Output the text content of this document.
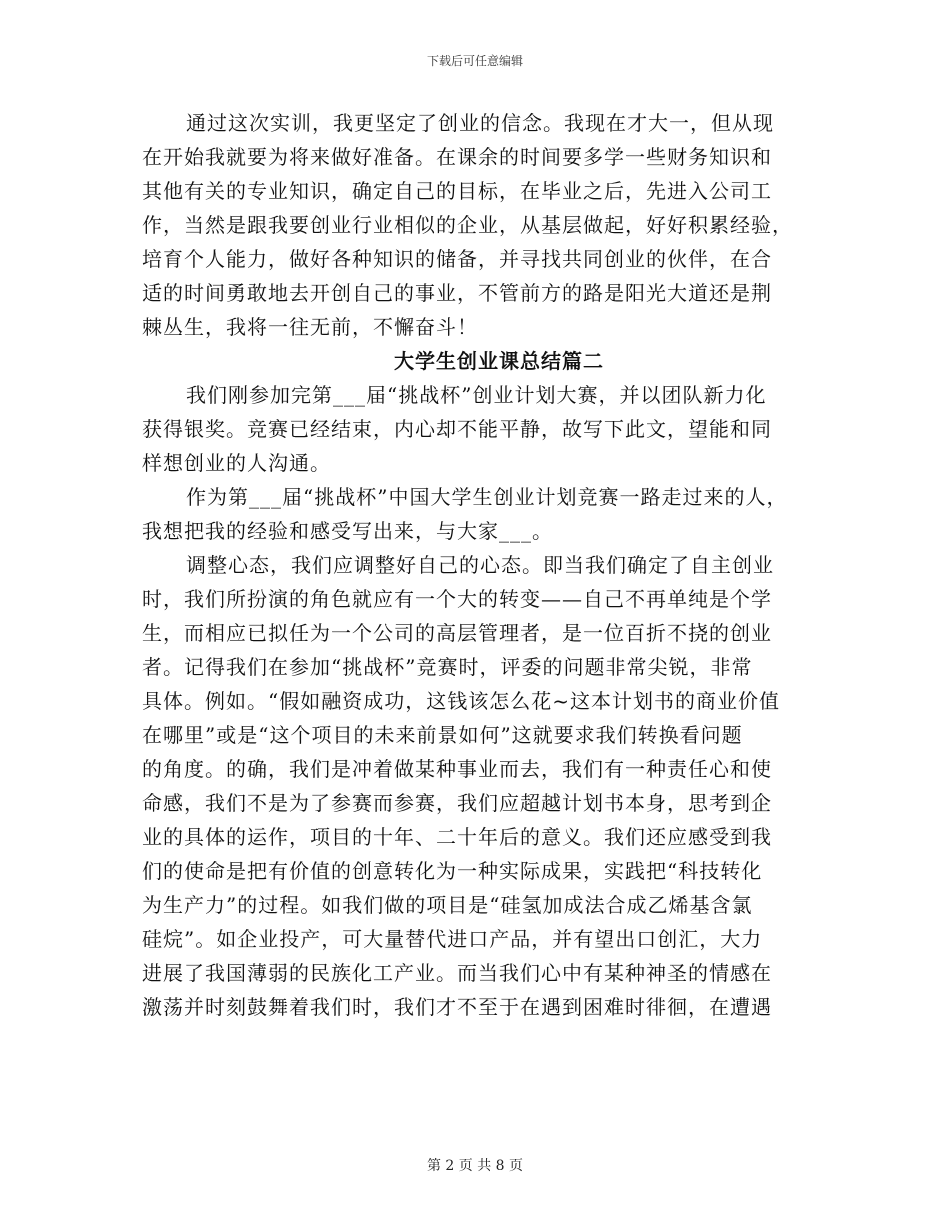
下载后可任意编辑

通过这次实训，我更坚定了创业的信念。我现在才大一，但从现
在开始我就要为将来做好准备。在课余的时间要多学一些财务知识和
其他有关的专业知识，确定自己的目标，在毕业之后，先进入公司工
作，当然是跟我要创业行业相似的企业，从基层做起，好好积累经验，
培育个人能力，做好各种知识的储备，并寻找共同创业的伙伴，在合
适的时间勇敢地去开创自己的事业，不管前方的路是阳光大道还是荆
棘丛生，我将一往无前，不懈奋斗！

大学生创业课总结篇二

我们刚参加完第___届“挑战杯”创业计划大赛，并以团队新力化
获得银奖。竞赛已经结束，内心却不能平静，故写下此文，望能和同
样想创业的人沟通。

作为第___届“挑战杯”中国大学生创业计划竞赛一路走过来的人，
我想把我的经验和感受写出来，与大家___。

调整心态，我们应调整好自己的心态。即当我们确定了自主创业
时，我们所扮演的角色就应有一个大的转变——自己不再单纯是个学
生，而相应已拟任为一个公司的高层管理者，是一位百折不挠的创业
者。记得我们在参加“挑战杯”竞赛时，评委的问题非常尖锐，非常
具体。例如。“假如融资成功，这钱该怎么花~这本计划书的商业价值
在哪里”或是“这个项目的未来前景如何”这就要求我们转换看问题
的角度。的确，我们是冲着做某种事业而去，我们有一种责任心和使
命感，我们不是为了参赛而参赛，我们应超越计划书本身，思考到企
业的具体的运作，项目的十年、二十年后的意义。我们还应感受到我
们的使命是把有价值的创意转化为一种实际成果，实践把“科技转化
为生产力”的过程。如我们做的项目是“硅氢加成法合成乙烯基含氯
硅烷”。如企业投产，可大量替代进口产品，并有望出口创汇，大力
进展了我国薄弱的民族化工产业。而当我们心中有某种神圣的情感在
激荡并时刻鼓舞着我们时，我们才不至于在遇到困难时徘徊，在遭遇

第 2 页 共 8 页
